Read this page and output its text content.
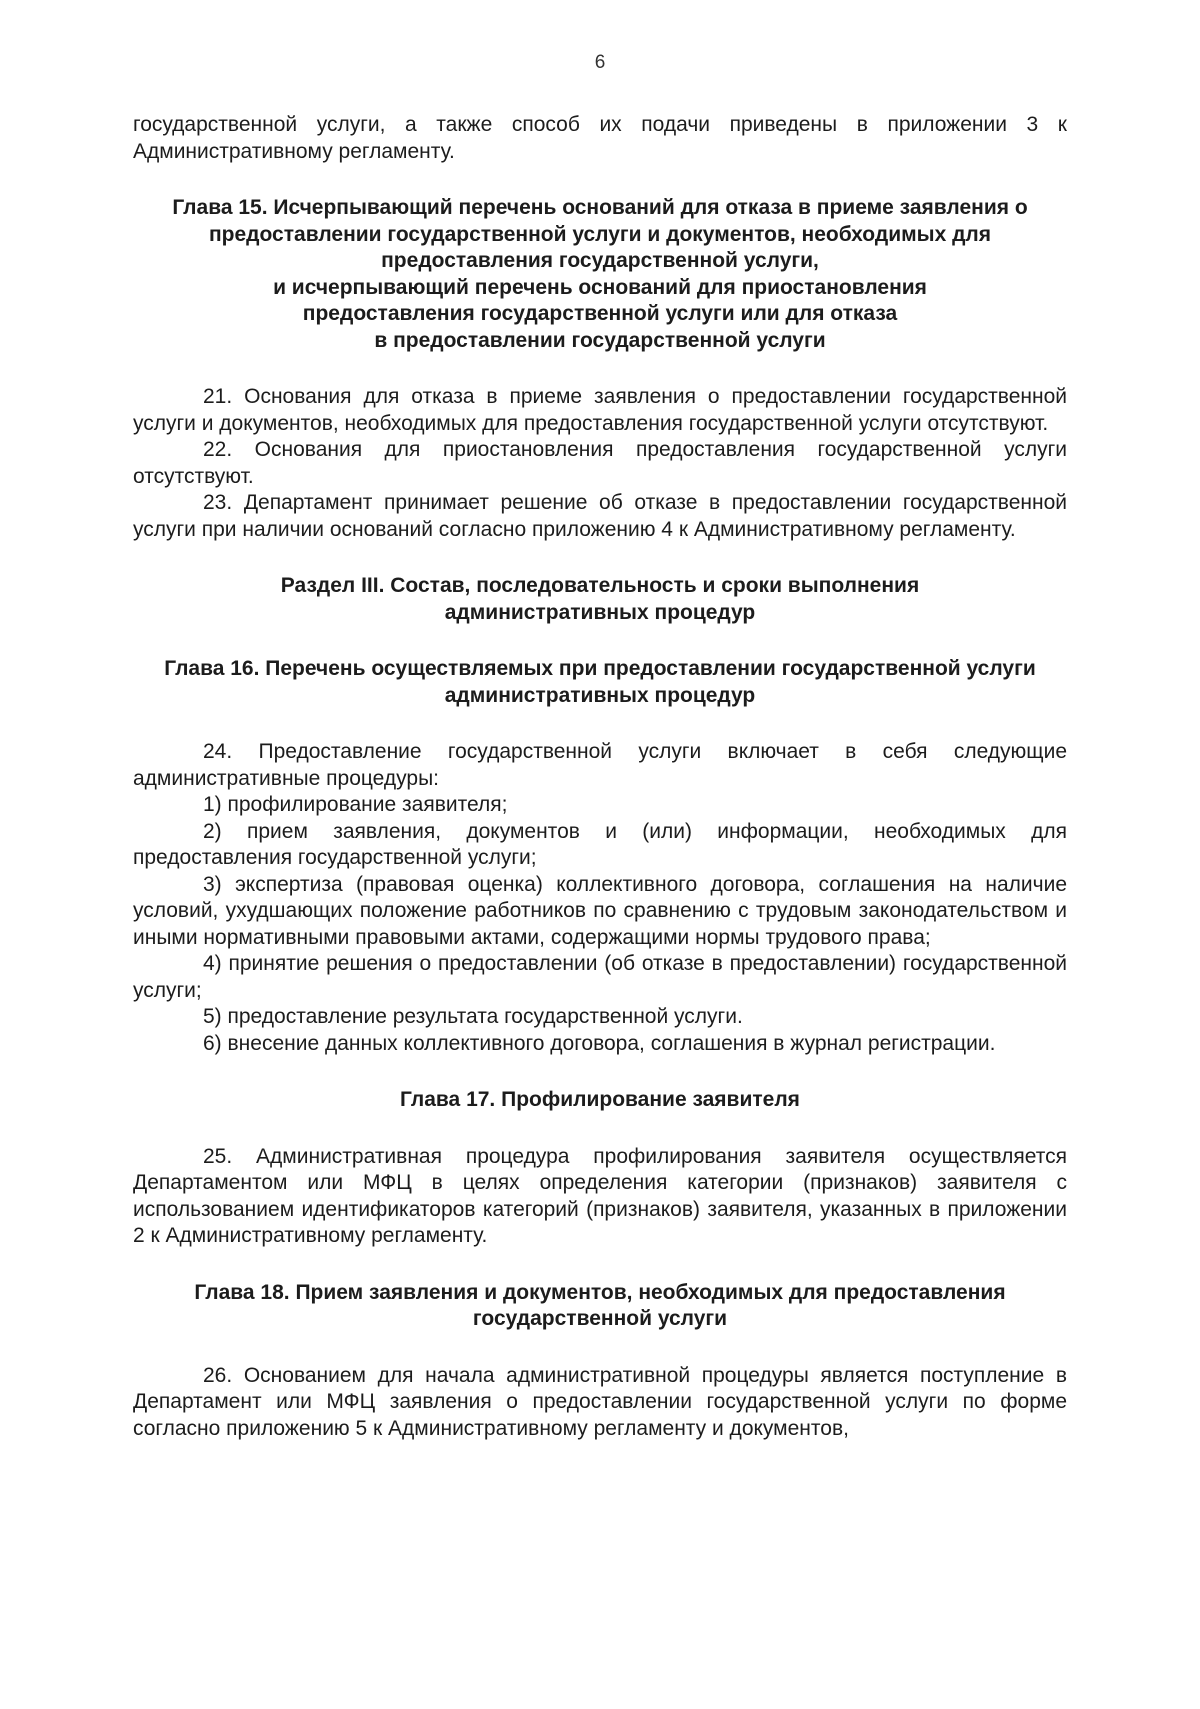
6

государственной услуги, а также способ их подачи приведены в приложении 3 к Административному регламенту.

Глава 15. Исчерпывающий перечень оснований для отказа в приеме заявления о
предоставлении государственной услуги и документов, необходимых для
предоставления государственной услуги,
и исчерпывающий перечень оснований для приостановления
предоставления государственной услуги или для отказа
в предоставлении государственной услуги

21. Основания для отказа в приеме заявления о предоставлении государственной услуги и документов, необходимых для предоставления государственной услуги отсутствуют.

22. Основания для приостановления предоставления государственной услуги отсутствуют.

23. Департамент принимает решение об отказе в предоставлении государственной услуги при наличии оснований согласно приложению 4 к Административному регламенту.

Раздел III. Состав, последовательность и сроки выполнения
административных процедур
Глава 16. Перечень осуществляемых при предоставлении государственной услуги
административных процедур

24. Предоставление государственной услуги включает в себя следующие административные процедуры:

1) профилирование заявителя;

2) прием заявления, документов и (или) информации, необходимых для предоставления государственной услуги;

3) экспертиза (правовая оценка) коллективного договора, соглашения на наличие условий, ухудшающих положение работников по сравнению с трудовым законодательством и иными нормативными правовыми актами, содержащими нормы трудового права;

4) принятие решения о предоставлении (об отказе в предоставлении) государственной услуги;

5) предоставление результата государственной услуги.

6) внесение данных коллективного договора, соглашения в журнал регистрации.

Глава 17. Профилирование заявителя

25. Административная процедура профилирования заявителя осуществляется Департаментом или МФЦ в целях определения категории (признаков) заявителя с использованием идентификаторов категорий (признаков) заявителя, указанных в приложении 2 к Административному регламенту.

Глава 18. Прием заявления и документов, необходимых для предоставления
государственной услуги

26. Основанием для начала административной процедуры является поступление в Департамент или МФЦ заявления о предоставлении государственной услуги по форме согласно приложению 5 к Административному регламенту и документов,
